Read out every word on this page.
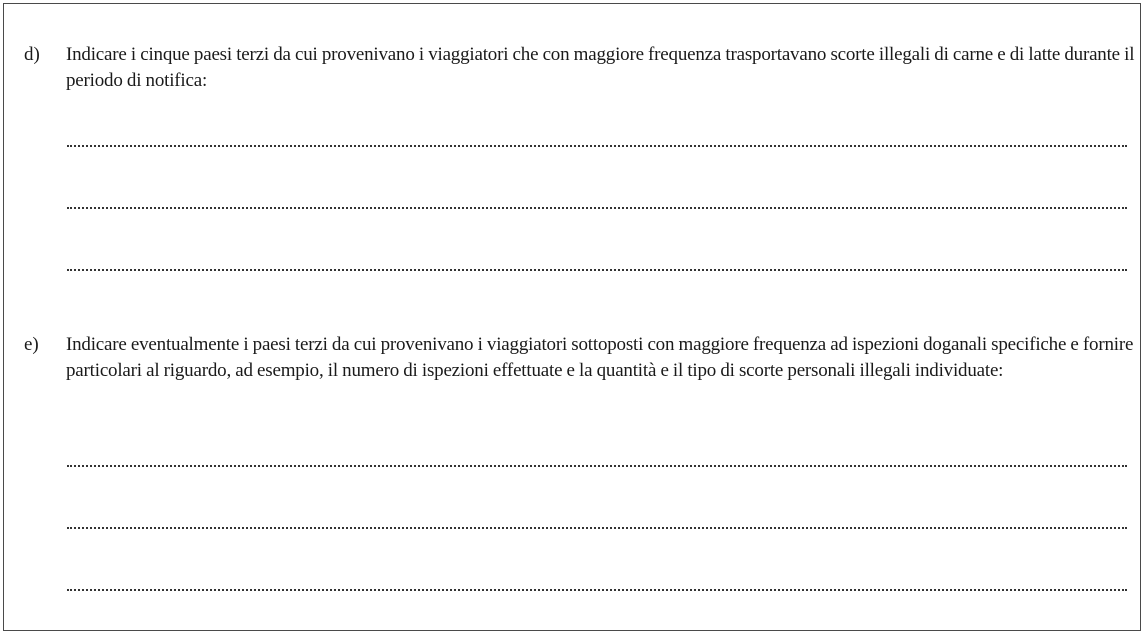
d) Indicare i cinque paesi terzi da cui provenivano i viaggiatori che con maggiore frequenza trasportavano scorte illegali di carne e di latte durante il periodo di notifica:
e) Indicare eventualmente i paesi terzi da cui provenivano i viaggiatori sottoposti con maggiore frequenza ad ispezioni doganali specifiche e fornire particolari al riguardo, ad esempio, il numero di ispezioni effettuate e la quantità e il tipo di scorte personali illegali individuate:
